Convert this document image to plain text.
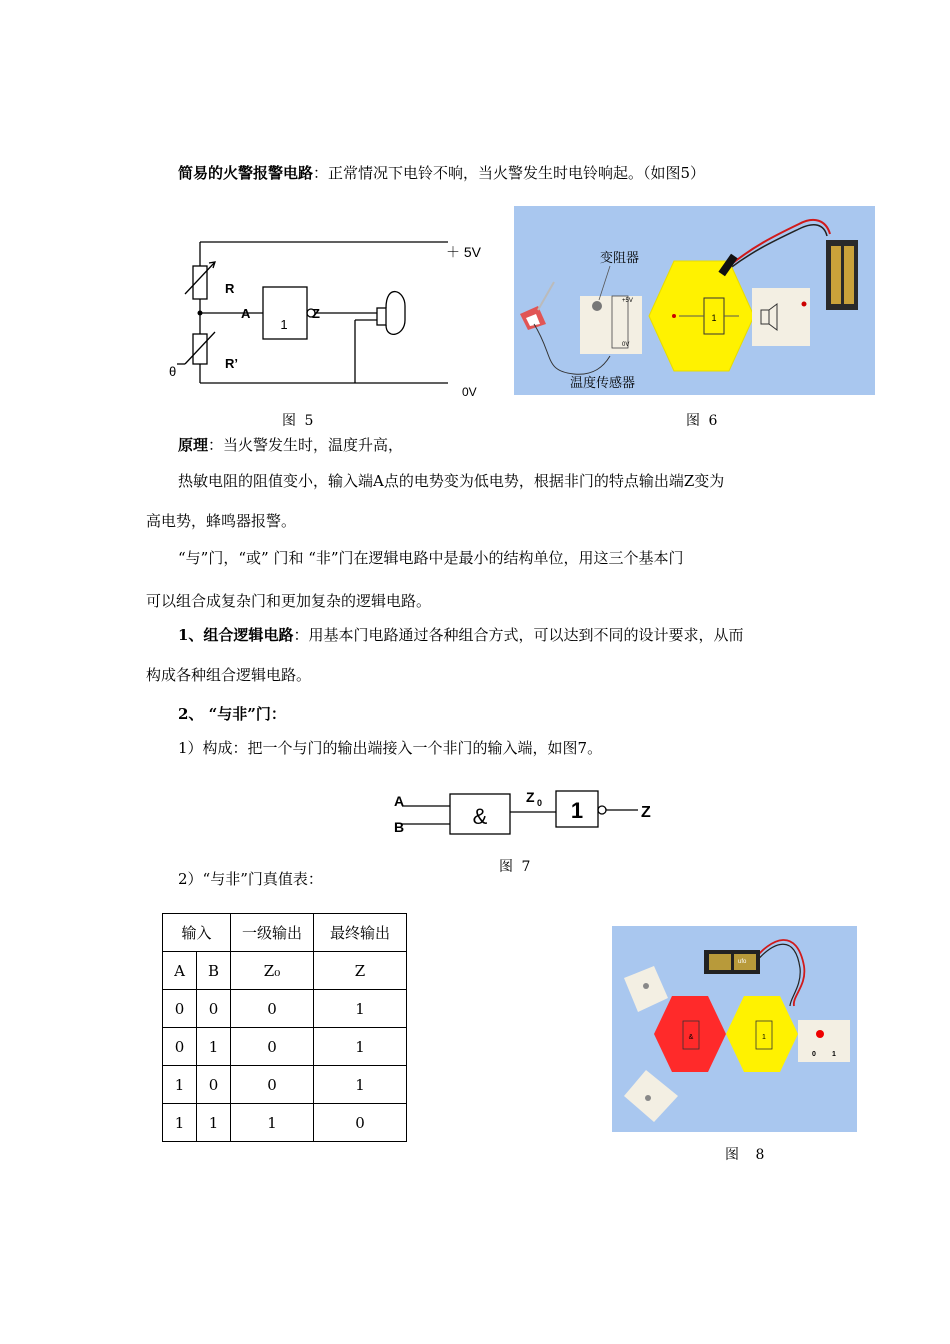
简易的火警报警电路：正常情况下电铃不响，当火警发生时电铃响起。（如图5）
＋ 5V
0V
R
A
1
Z
R’
θ
图 5
1
+5V
0V
变阻器
温度传感器
图 6
原理：当火警发生时，温度升高，
热敏电阻的阻值变小，输入端A点的电势变为低电势，根据非门的特点输出端Z变为
高电势，蜂鸣器报警。
“与”门，“或” 门和 “非”门在逻辑电路中是最小的结构单位，用这三个基本门
可以组合成复杂门和更加复杂的逻辑电路。
1、组合逻辑电路：用基本门电路通过各种组合方式，可以达到不同的设计要求，从而
构成各种组合逻辑电路。
2、 “与非”门：
1）构成：把一个与门的输出端接入一个非门的输入端，如图7。
A
B	&
Z 0 1	Z
图 7
2）“与非”门真值表：
输入		一级输出	最终输出
A	B	Z₀	Z
0	0	0	1
0	1	0	1
1	0	0	1
1	1	1	0
ufo
&	1
0 1
图 8
